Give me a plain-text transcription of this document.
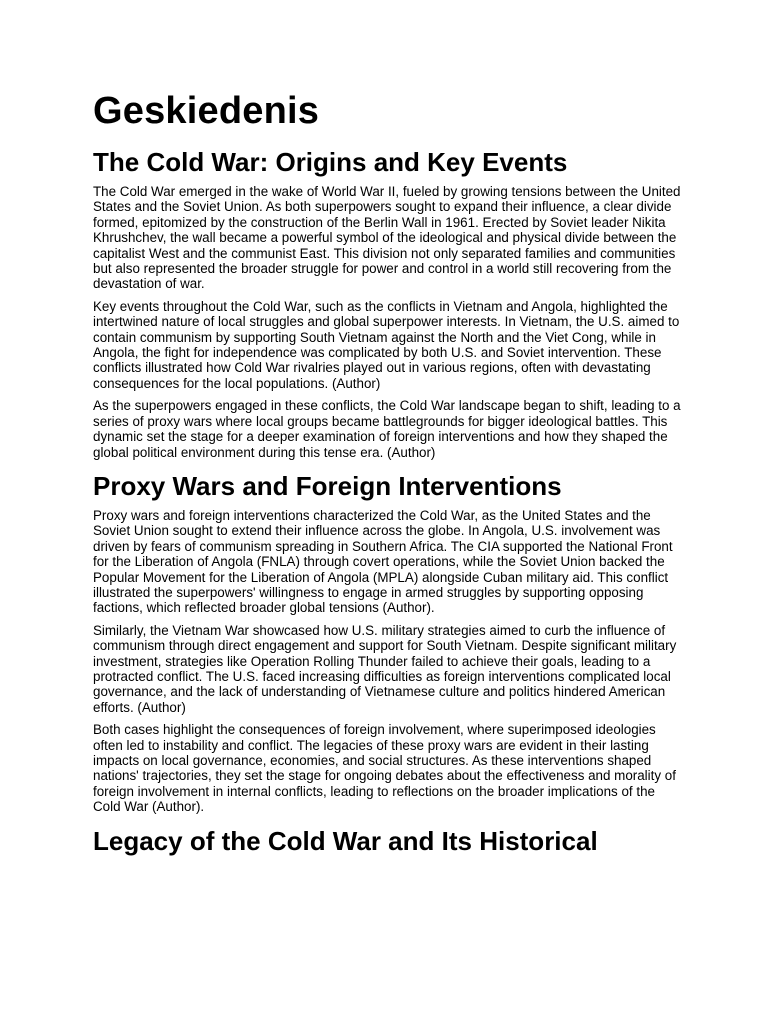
Geskiedenis
The Cold War: Origins and Key Events

The Cold War emerged in the wake of World War II, fueled by growing tensions between the United States and the Soviet Union. As both superpowers sought to expand their influence, a clear divide formed, epitomized by the construction of the Berlin Wall in 1961. Erected by Soviet leader Nikita Khrushchev, the wall became a powerful symbol of the ideological and physical divide between the capitalist West and the communist East. This division not only separated families and communities but also represented the broader struggle for power and control in a world still recovering from the devastation of war.

Key events throughout the Cold War, such as the conflicts in Vietnam and Angola, highlighted the intertwined nature of local struggles and global superpower interests. In Vietnam, the U.S. aimed to contain communism by supporting South Vietnam against the North and the Viet Cong, while in Angola, the fight for independence was complicated by both U.S. and Soviet intervention. These conflicts illustrated how Cold War rivalries played out in various regions, often with devastating consequences for the local populations. (Author)

As the superpowers engaged in these conflicts, the Cold War landscape began to shift, leading to a series of proxy wars where local groups became battlegrounds for bigger ideological battles. This dynamic set the stage for a deeper examination of foreign interventions and how they shaped the global political environment during this tense era. (Author)

Proxy Wars and Foreign Interventions

Proxy wars and foreign interventions characterized the Cold War, as the United States and the Soviet Union sought to extend their influence across the globe. In Angola, U.S. involvement was driven by fears of communism spreading in Southern Africa. The CIA supported the National Front for the Liberation of Angola (FNLA) through covert operations, while the Soviet Union backed the Popular Movement for the Liberation of Angola (MPLA) alongside Cuban military aid. This conflict illustrated the superpowers' willingness to engage in armed struggles by supporting opposing factions, which reflected broader global tensions (Author).

Similarly, the Vietnam War showcased how U.S. military strategies aimed to curb the influence of communism through direct engagement and support for South Vietnam. Despite significant military investment, strategies like Operation Rolling Thunder failed to achieve their goals, leading to a protracted conflict. The U.S. faced increasing difficulties as foreign interventions complicated local governance, and the lack of understanding of Vietnamese culture and politics hindered American efforts. (Author)

Both cases highlight the consequences of foreign involvement, where superimposed ideologies often led to instability and conflict. The legacies of these proxy wars are evident in their lasting impacts on local governance, economies, and social structures. As these interventions shaped nations' trajectories, they set the stage for ongoing debates about the effectiveness and morality of foreign involvement in internal conflicts, leading to reflections on the broader implications of the Cold War (Author).

Legacy of the Cold War and Its Historical
